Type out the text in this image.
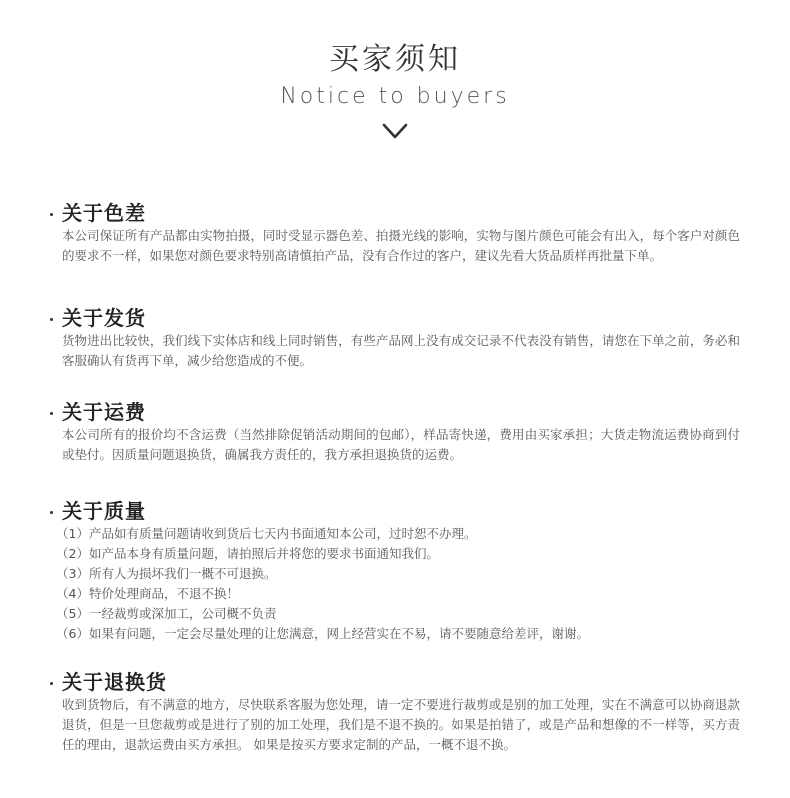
买家须知
Notice to buyers
关于色差
本公司保证所有产品都由实物拍摄，同时受显示器色差、拍摄光线的影响，实物与图片颜色可能会有出入，每个客户对颜色的要求不一样，如果您对颜色要求特别高请慎拍产品，没有合作过的客户，建议先看大货品质样再批量下单。
关于发货
货物进出比较快，我们线下实体店和线上同时销售，有些产品网上没有成交记录不代表没有销售，请您在下单之前，务必和客服确认有货再下单，减少给您造成的不便。
关于运费
本公司所有的报价均不含运费（当然排除促销活动期间的包邮），样品寄快递，费用由买家承担；大货走物流运费协商到付或垫付。因质量问题退换货，确属我方责任的，我方承担退换货的运费。
关于质量
（1）产品如有质量问题请收到货后七天内书面通知本公司，过时恕不办理。
（2）如产品本身有质量问题，请拍照后并将您的要求书面通知我们。
（3）所有人为损坏我们一概不可退换。
（4）特价处理商品，不退不换！
（5）一经裁剪或深加工，公司概不负责
（6）如果有问题，一定会尽量处理的让您满意，网上经营实在不易，请不要随意给差评，谢谢。
关于退换货
收到货物后，有不满意的地方，尽快联系客服为您处理，请一定不要进行裁剪或是别的加工处理，实在不满意可以协商退款退货，但是一旦您裁剪或是进行了别的加工处理，我们是不退不换的。如果是拍错了，或是产品和想像的不一样等，买方责任的理由，退款运费由买方承担。 如果是按买方要求定制的产品，一概不退不换。
